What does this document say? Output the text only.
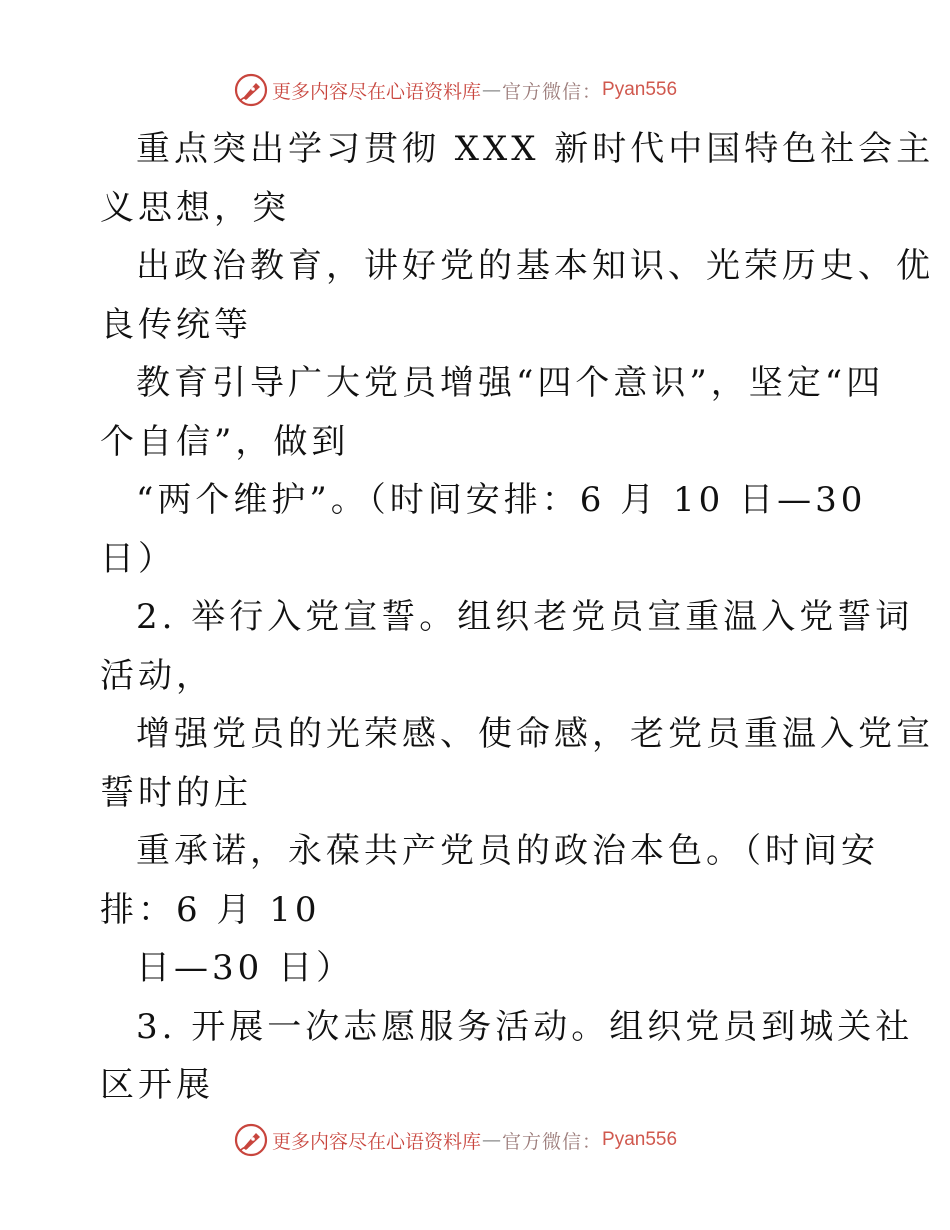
更多内容尽在心语资料库 — 官方微信： Pyan556
重点突出学习贯彻 XXX 新时代中国特色社会主
义思想，突
出政治教育，讲好党的基本知识、光荣历史、优
良传统等
教育引导广大党员增强“四个意识”，坚定“四
个自信”，做到
“两个维护”。（时间安排：6 月 10 日—30
日）
2. 举行入党宣誓。组织老党员宣重温入党誓词
活动，
增强党员的光荣感、使命感，老党员重温入党宣
誓时的庄
重承诺，永葆共产党员的政治本色。（时间安
排：6 月 10
日—30 日）
3. 开展一次志愿服务活动。组织党员到城关社
区开展
更多内容尽在心语资料库 — 官方微信： Pyan556
